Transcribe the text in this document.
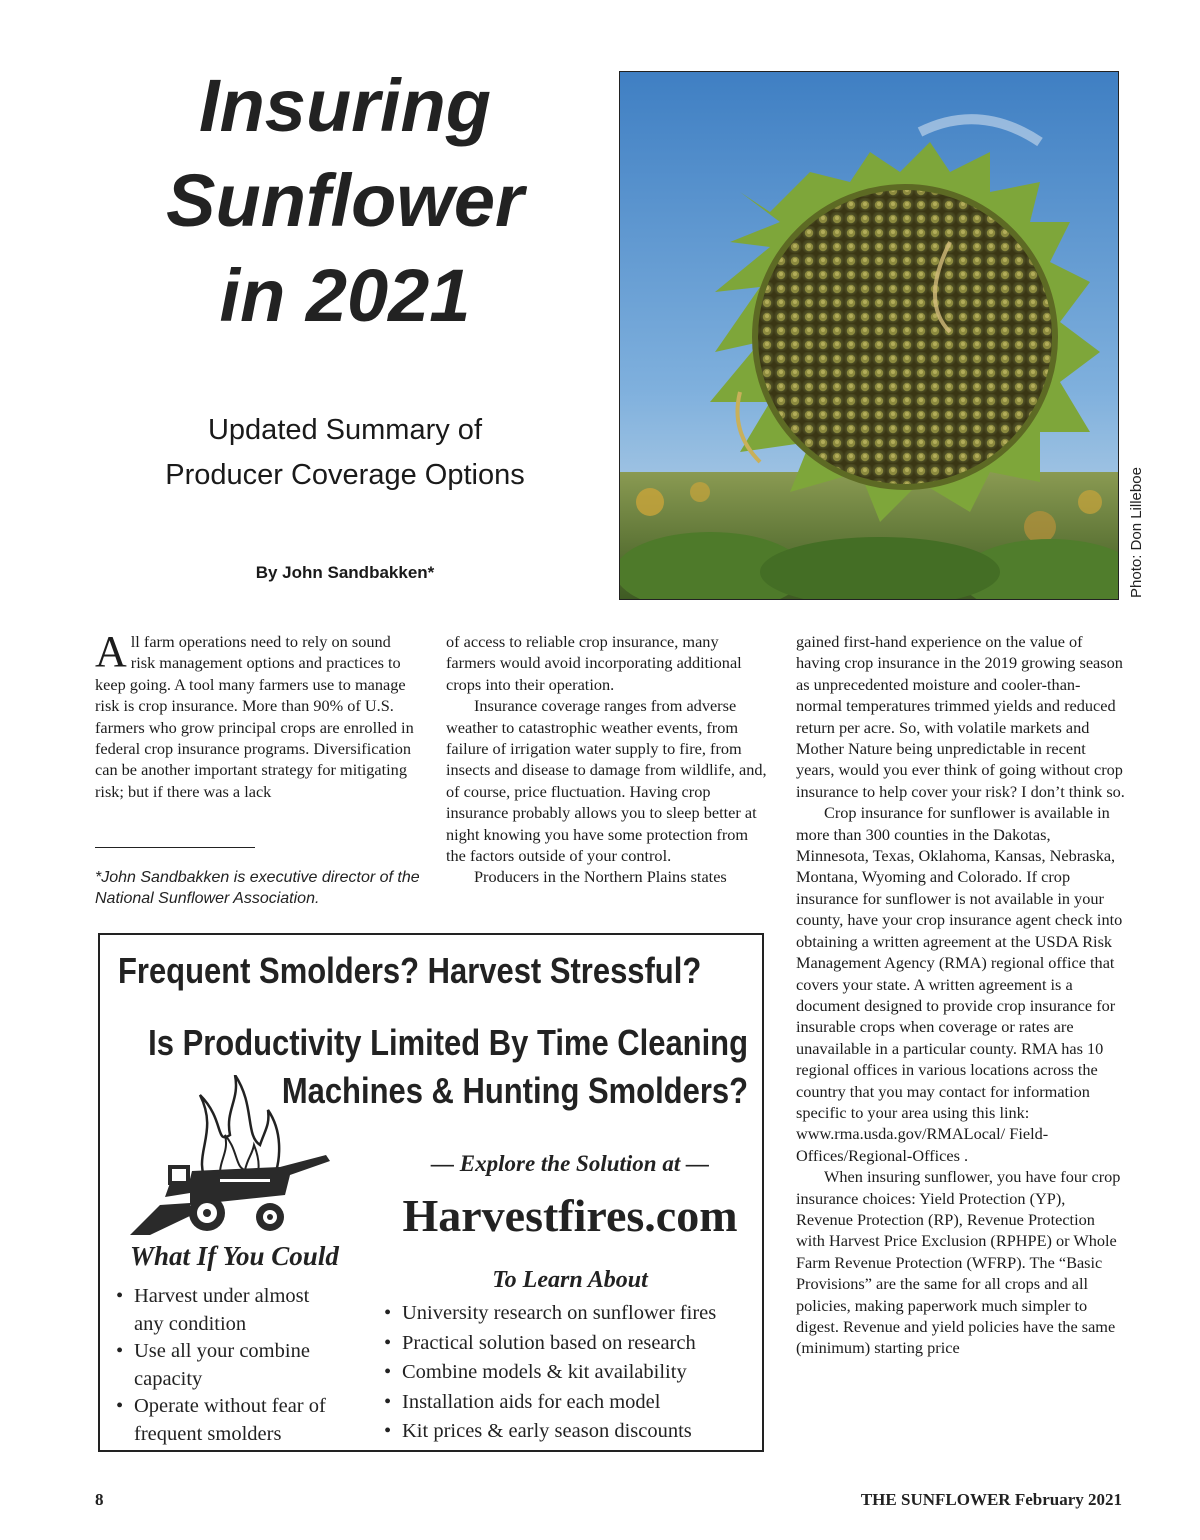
Insuring
Sunflower
in 2021
Updated Summary of
Producer Coverage Options
By John Sandbakken*	Photo: Don Lilleboe

All farm operations need to rely on sound risk management options and practices to keep going. A tool many farmers use to manage risk is crop insurance. More than 90% of U.S. farmers who grow principal crops are enrolled in federal crop insurance programs. Diversification can be another important strategy for mitigating risk; but if there was a lack

*John Sandbakken is executive director of the National Sunflower Association.

of access to reliable crop insurance, many farmers would avoid incorporating additional crops into their operation.

Insurance coverage ranges from adverse weather to catastrophic weather events, from failure of irrigation water supply to fire, from insects and disease to damage from wildlife, and, of course, price fluctuation. Having crop insurance probably allows you to sleep better at night knowing you have some protection from the factors outside of your control.

Producers in the Northern Plains states

gained first-hand experience on the value of having crop insurance in the 2019 growing season as unprecedented moisture and cooler-than-normal temperatures trimmed yields and reduced return per acre. So, with volatile markets and Mother Nature being unpredictable in recent years, would you ever think of going without crop insurance to help cover your risk? I don’t think so.

Crop insurance for sunflower is available in more than 300 counties in the Dakotas, Minnesota, Texas, Oklahoma, Kansas, Nebraska, Montana, Wyoming and Colorado. If crop insurance for sunflower is not available in your county, have your crop insurance agent check into obtaining a written agreement at the USDA Risk Management Agency (RMA) regional office that covers your state. A written agreement is a document designed to provide crop insurance for insurable crops when coverage or rates are unavailable in a particular county. RMA has 10 regional offices in various locations across the country that you may contact for information specific to your area using this link: www.rma.usda.gov/RMALocal/ Field-Offices/Regional-Offices .

When insuring sunflower, you have four crop insurance choices: Yield Protection (YP), Revenue Protection (RP), Revenue Protection with Harvest Price Exclusion (RPHPE) or Whole Farm Revenue Protection (WFRP). The “Basic Provisions” are the same for all crops and all policies, making paperwork much simpler to digest. Revenue and yield policies have the same (minimum) starting price

Frequent Smolders? Harvest Stressful?
Is Productivity Limited By Time Cleaning
Machines & Hunting Smolders?
— Explore the Solution at —
Harvestfires.com
What If You Could
To Learn About
• Harvest under almost any condition
• Use all your combine capacity
• Operate without fear of frequent smolders
• University research on sunflower fires
• Practical solution based on research
• Combine models & kit availability
• Installation aids for each model
• Kit prices & early season discounts
8	THE SUNFLOWER February 2021
